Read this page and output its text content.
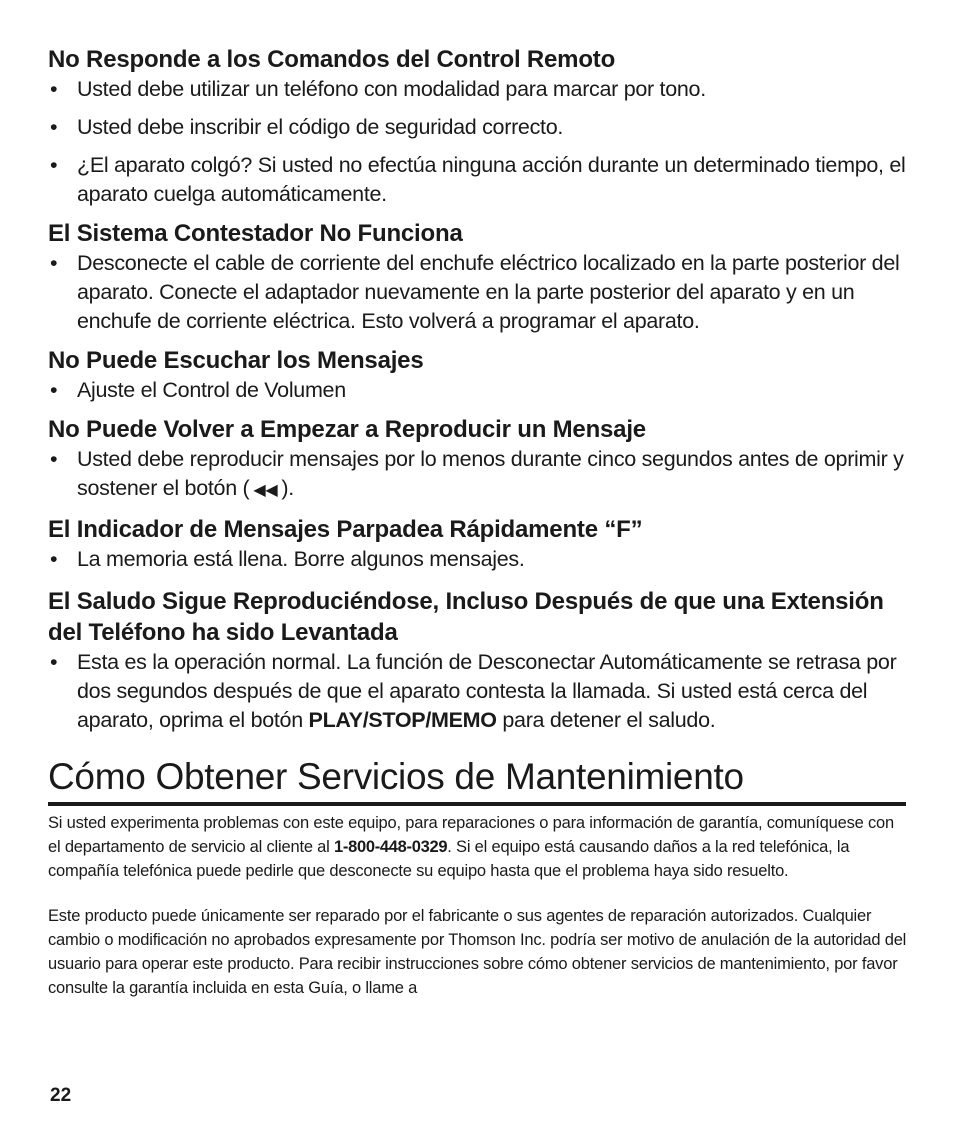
No Responde a los Comandos del Control Remoto
• Usted debe utilizar un teléfono con modalidad para marcar por tono.
• Usted debe inscribir el código de seguridad correcto.
• ¿El aparato colgó? Si usted no efectúa ninguna acción durante un determinado tiempo, el aparato cuelga automáticamente.
El Sistema Contestador No Funciona
• Desconecte el cable de corriente del enchufe eléctrico localizado en la parte posterior del aparato. Conecte el adaptador nuevamente en la parte posterior del aparato y en un enchufe de corriente eléctrica. Esto volverá a programar el aparato.
No Puede Escuchar los Mensajes
• Ajuste el Control de Volumen
No Puede Volver a Empezar a Reproducir un Mensaje
• Usted debe reproducir mensajes por lo menos durante cinco segundos antes de oprimir y sostener el botón ( ◀◀ ).
El Indicador de Mensajes Parpadea Rápidamente “F”
• La memoria está llena. Borre algunos mensajes.
El Saludo Sigue Reproduciéndose, Incluso Después de que una Extensión del Teléfono ha sido Levantada
• Esta es la operación normal. La función de Desconectar Automáticamente se retrasa por dos segundos después de que el aparato contesta la llamada. Si usted está cerca del aparato, oprima el botón PLAY/STOP/MEMO para detener el saludo.
Cómo Obtener Servicios de Mantenimiento

Si usted experimenta problemas con este equipo, para reparaciones o para información de garantía, comuníquese con el departamento de servicio al cliente al 1-800-448-0329. Si el equipo está causando daños a la red telefónica, la compañía telefónica puede pedirle que desconecte su equipo hasta que el problema haya sido resuelto.

Este producto puede únicamente ser reparado por el fabricante o sus agentes de reparación autorizados. Cualquier cambio o modificación no aprobados expresamente por Thomson Inc. podría ser motivo de anulación de la autoridad del usuario para operar este producto. Para recibir instrucciones sobre cómo obtener servicios de mantenimiento, por favor consulte la garantía incluida en esta Guía, o llame a

22
